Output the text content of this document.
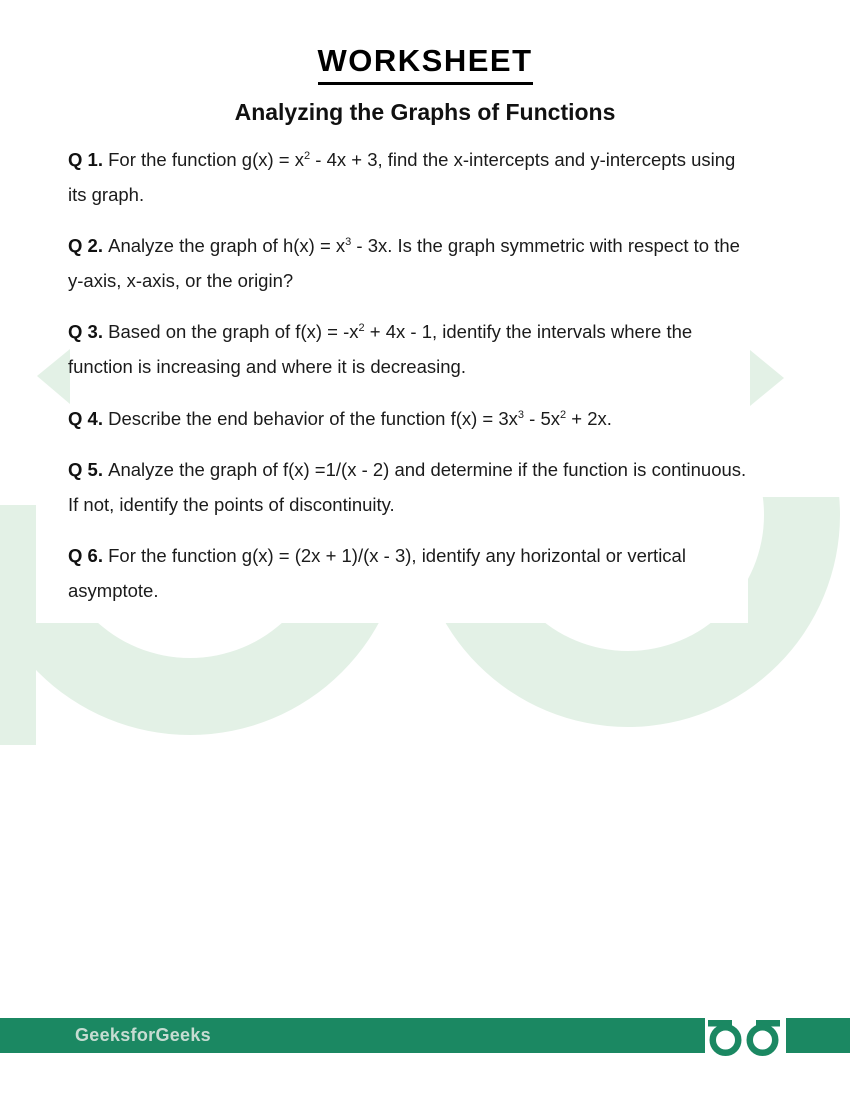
WORKSHEET
Analyzing the Graphs of Functions

Q 1. For the function $g(x) = x^2 - 4x + 3$, find the x-intercepts and y-intercepts using its graph.

Q 2. Analyze the graph of $h(x) = x^3 - 3x$. Is the graph symmetric with respect to the y-axis, x-axis, or the origin?

Q 3. Based on the graph of $f(x) = -x^2 + 4x - 1$, identify the intervals where the function is increasing and where it is decreasing.

Q 4. Describe the end behavior of the function $f(x) = 3x^3 - 5x^2 + 2x$.

Q 5. Analyze the graph of f(x) =1/(x - 2) and determine if the function is continuous. If not, identify the points of discontinuity.

Q 6. For the function g(x) = (2x + 1)/(x - 3), identify any horizontal or vertical asymptote.

GeeksforGeeks
